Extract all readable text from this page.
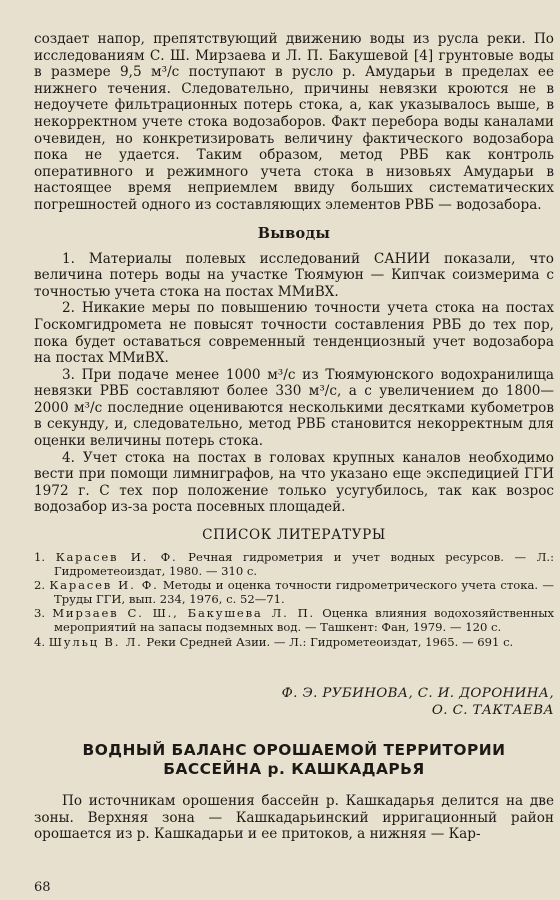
создает напор, препятствующий движению воды из русла реки. По исследованиям С. Ш. Мирзаева и Л. П. Бакушевой [4] грунтовые воды в размере 9,5 м³/с поступают в русло р. Амударьи в пределах ее нижнего течения. Следовательно, причины невязки кроются не в недоучете фильтрационных потерь стока, а, как указывалось выше, в некорректном учете стока водозаборов. Факт перебора воды каналами очевиден, но конкретизировать величину фактического водозабора пока не удается. Таким образом, метод РВБ как контроль оперативного и режимного учета стока в низовьях Амударьи в настоящее время неприемлем ввиду больших систематических погрешностей одного из составляющих элементов РВБ — водозабора.

Выводы

1. Материалы полевых исследований САНИИ показали, что величина потерь воды на участке Тюямуюн — Кипчак соизмерима с точностью учета стока на постах ММиВХ.

2. Никакие меры по повышению точности учета стока на постах Госкомгидромета не повысят точности составления РВБ до тех пор, пока будет оставаться современный тенденциозный учет водозабора на постах ММиВХ.

3. При подаче менее 1000 м³/с из Тюямуюнского водохранилища невязки РВБ составляют более 330 м³/с, а с увеличением до 1800—2000 м³/с последние оцениваются несколькими десятками кубометров в секунду, и, следовательно, метод РВБ становится некорректным для оценки величины потерь стока.

4. Учет стока на постах в головах крупных каналов необходимо вести при помощи лимниграфов, на что указано еще экспедицией ГГИ 1972 г. С тех пор положение только усугубилось, так как возрос водозабор из-за роста посевных площадей.

СПИСОК ЛИТЕРАТУРЫ
1. Карасев И. Ф. Речная гидрометрия и учет водных ресурсов. — Л.: Гидрометеоиздат, 1980. — 310 с.
2. Карасев И. Ф. Методы и оценка точности гидрометрического учета стока. — Труды ГГИ, вып. 234, 1976, с. 52—71.
3. Мирзаев С. Ш., Бакушева Л. П. Оценка влияния водохозяйственных мероприятий на запасы подземных вод. — Ташкент: Фан, 1979. — 120 с.
4. Шульц В. Л. Реки Средней Азии. — Л.: Гидрометеоиздат, 1965. — 691 с.
Ф. Э. РУБИНОВА, С. И. ДОРОНИНА,
О. С. ТАКТАЕВА
ВОДНЫЙ БАЛАНС ОРОШАЕМОЙ ТЕРРИТОРИИ
БАССЕЙНА р. КАШКАДАРЬЯ

По источникам орошения бассейн р. Кашкадарья делится на две зоны. Верхняя зона — Кашкадарьинский ирригационный район орошается из р. Кашкадарьи и ее притоков, а нижняя — Кар-

68
